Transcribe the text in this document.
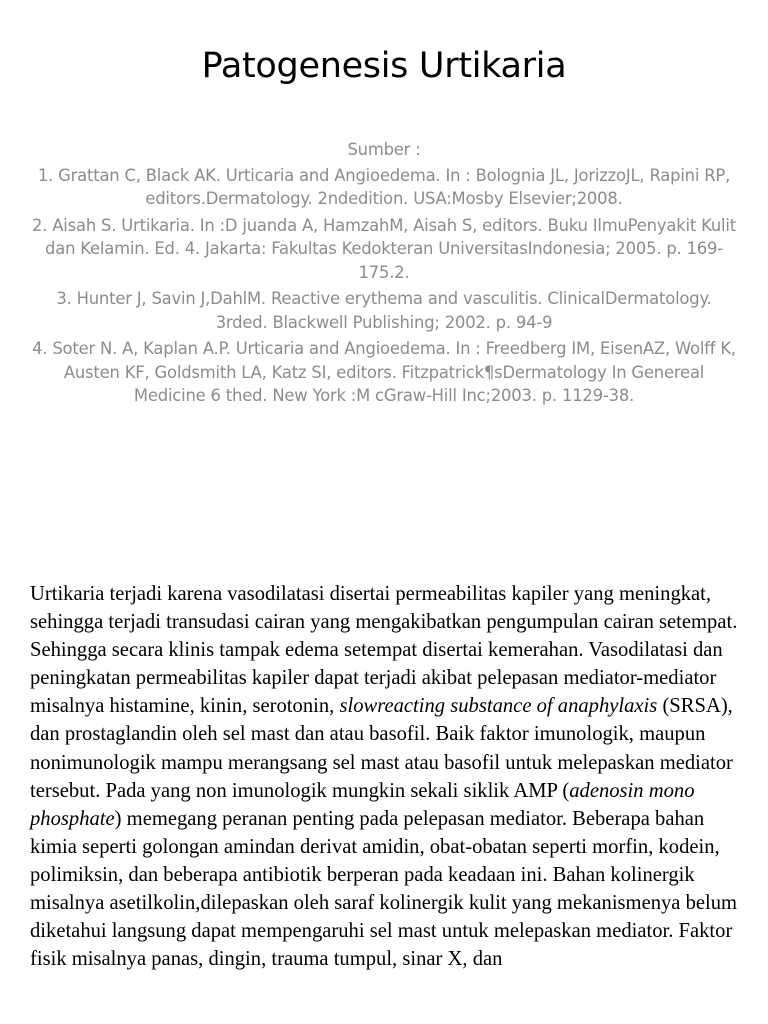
Patogenesis Urtikaria
Sumber :
1. Grattan C, Black AK. Urticaria and Angioedema. In : Bolognia JL, JorizzoJL, Rapini RP, editors.Dermatology. 2ndedition. USA:Mosby Elsevier;2008.
2. Aisah S. Urtikaria. In :D juanda A, HamzahM, Aisah S, editors. Buku IlmuPenyakit Kulit dan Kelamin. Ed. 4. Jakarta: Fakultas Kedokteran UniversitasIndonesia; 2005. p. 169-175.2.
3. Hunter J, Savin J,DahlM. Reactive erythema and vasculitis. ClinicalDermatology. 3rded. Blackwell Publishing; 2002. p. 94-9
4. Soter N. A, Kaplan A.P. Urticaria and Angioedema. In : Freedberg IM, EisenAZ, Wolff K, Austen KF, Goldsmith LA, Katz SI, editors. Fitzpatrick¶sDermatology In Genereal Medicine 6 thed. New York :M cGraw-Hill Inc;2003. p. 1129-38.
Urtikaria terjadi karena vasodilatasi disertai permeabilitas kapiler yang meningkat, sehingga terjadi transudasi cairan yang mengakibatkan pengumpulan cairan setempat. Sehingga secara klinis tampak edema setempat disertai kemerahan. Vasodilatasi dan peningkatan permeabilitas kapiler dapat terjadi akibat pelepasan mediator-mediator misalnya histamine, kinin, serotonin, slowreacting substance of anaphylaxis (SRSA), dan prostaglandin oleh sel mast dan atau basofil. Baik faktor imunologik, maupun nonimunologik mampu merangsang sel mast atau basofil untuk melepaskan mediator tersebut. Pada yang non imunologik mungkin sekali siklik AMP (adenosin mono phosphate) memegang peranan penting pada pelepasan mediator. Beberapa bahan kimia seperti golongan amindan derivat amidin, obat-obatan seperti morfin, kodein, polimiksin, dan beberapa antibiotik berperan pada keadaan ini. Bahan kolinergik misalnya asetilkolin,dilepaskan oleh saraf kolinergik kulit yang mekanismenya belum diketahui langsung dapat mempengaruhi sel mast untuk melepaskan mediator. Faktor fisik misalnya panas, dingin, trauma tumpul, sinar X, dan
